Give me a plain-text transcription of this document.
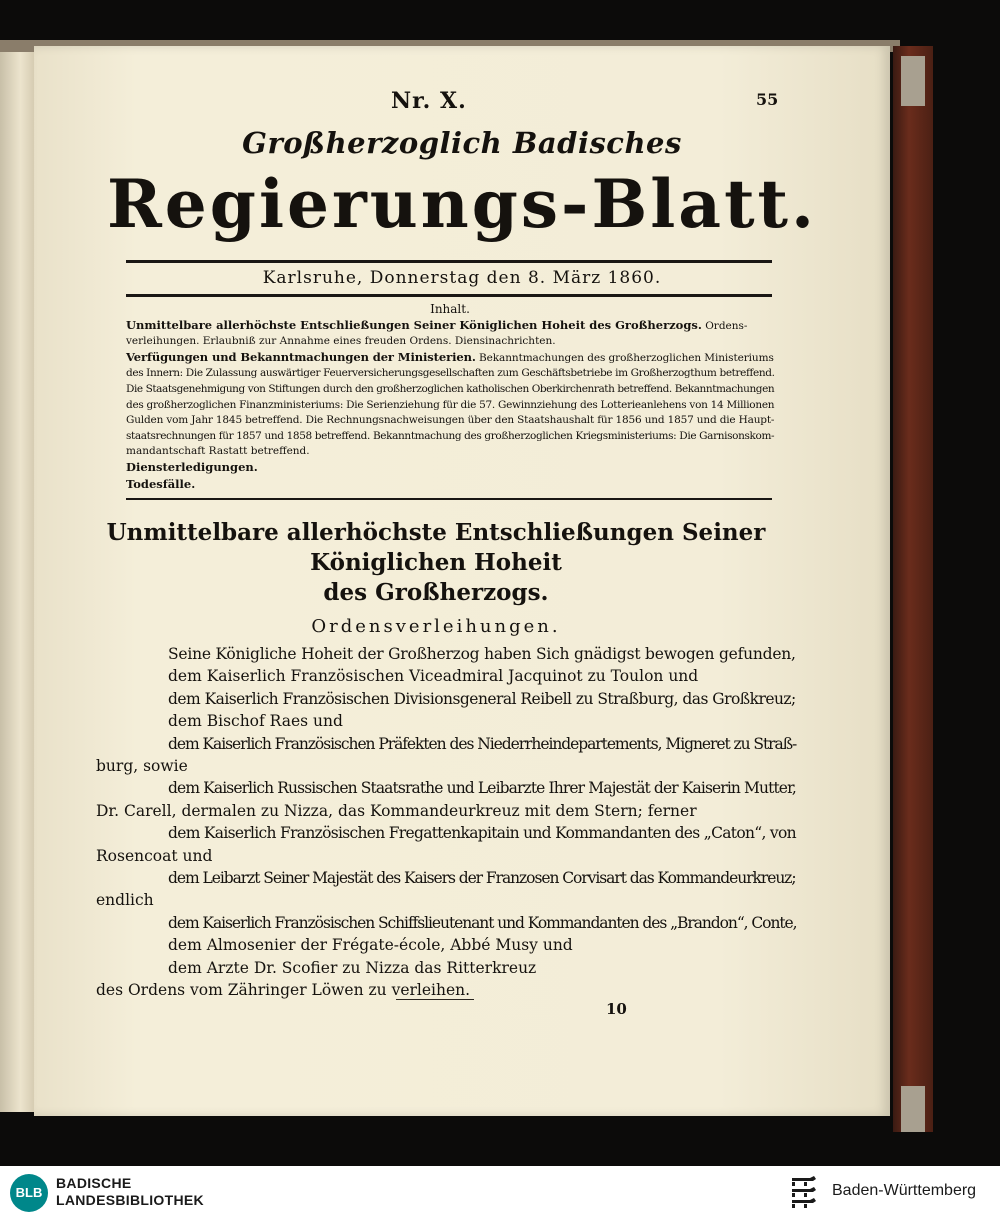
Nr. X.	55
Großherzoglich Badisches
Regierungs-Blatt.
Karlsruhe, Donnerstag den 8. März 1860.
Inhalt.
Unmittelbare allerhöchste Entschließungen Seiner Königlichen Hoheit des Großherzogs. Ordens-
verleihungen. Erlaubniß zur Annahme eines freuden Ordens. Diensinachrichten.
Verfügungen und Bekanntmachungen der Ministerien. Bekanntmachungen des großherzoglichen Ministeriums
des Innern: Die Zulassung auswärtiger Feuerversicherungsgesellschaften zum Geschäftsbetriebe im Großherzogthum betreffend.
Die Staatsgenehmigung von Stiftungen durch den großherzoglichen katholischen Oberkirchenrath betreffend. Bekanntmachungen
des großherzoglichen Finanzministeriums: Die Serienziehung für die 57. Gewinnziehung des Lotterieanlehens von 14 Millionen
Gulden vom Jahr 1845 betreffend. Die Rechnungsnachweisungen über den Staatshaushalt für 1856 und 1857 und die Haupt-
staatsrechnungen für 1857 und 1858 betreffend. Bekanntmachung des großherzoglichen Kriegsministeriums: Die Garnisonskom-
mandantschaft Rastatt betreffend.
Diensterledigungen.
Todesfälle.
Unmittelbare allerhöchste Entschließungen Seiner Königlichen Hoheit
des Großherzogs.
Ordensverleihungen.
Seine Königliche Hoheit der Großherzog haben Sich gnädigst bewogen gefunden,
dem Kaiserlich Französischen Viceadmiral Jacquinot zu Toulon und
dem Kaiserlich Französischen Divisionsgeneral Reibell zu Straßburg, das Großkreuz;
dem Bischof Raes und
dem Kaiserlich Französischen Präfekten des Niederrheindepartements, Migneret zu Straß-
burg, sowie
dem Kaiserlich Russischen Staatsrathe und Leibarzte Ihrer Majestät der Kaiserin Mutter,
Dr. Carell, dermalen zu Nizza, das Kommandeurkreuz mit dem Stern; ferner
dem Kaiserlich Französischen Fregattenkapitain und Kommandanten des „Caton“, von
Rosencoat und
dem Leibarzt Seiner Majestät des Kaisers der Franzosen Corvisart das Kommandeurkreuz;
endlich
dem Kaiserlich Französischen Schiffslieutenant und Kommandanten des „Brandon“, Conte,
dem Almosenier der Frégate-école, Abbé Musy und
dem Arzte Dr. Scofier zu Nizza das Ritterkreuz
des Ordens vom Zähringer Löwen zu verleihen.
10
BLB
BADISCHE
LANDESBIBLIOTHEK
Baden-Württemberg
